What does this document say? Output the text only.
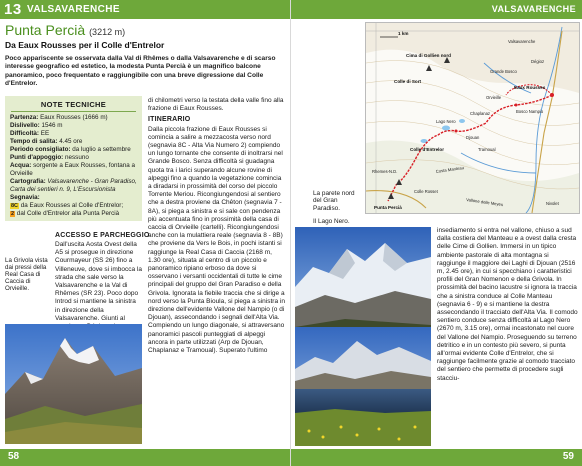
13 VALSAVARENCHE
Punta Percià (3212 m)
Da Eaux Rousses per il Colle d'Entrelor
Poco appariscente se osservata dalla Val di Rhêmes o dalla Valsavarenche e di scarso interesse geografico ed estetico, la modesta Punta Percià è un magnifico balcone panoramico, poco frequentato e raggiungibile con una breve digressione dal Colle d'Entrelor.
NOTE TECNICHE
Partenza: Eaux Rousses (1666 m)
Dislivello: 1546 m
Difficoltà: EE
Tempo di salita: 4.45 ore
Periodo consigliato: da luglio a settembre
Punti d'appoggio: nessuno
Acqua: sorgente a Eaux Rousses, fontana a Orvieille
Cartografia: Valsavarenche - Gran Paradiso, Carta dei sentieri n. 9, L'Escursionista
Segnavia:
8C da Eaux Rousses al Colle d'Entrelor;
2 dal Colle d'Entrelor alla Punta Percià
di chilometri verso la testata della valle fino alla frazione di Eaux Rousses.
ITINERARIO
Dalla piccola frazione di Eaux Rousses si comincia a salire a mezzacosta verso nord (segnavia 8C - Alta Via Numero 2) compiendo un lungo tornante che consente di inoltrarsi nel Grande Bosco. Senza difficoltà si guadagna quota tra i larici superando alcune rovine di alpeggi fino a quando la vegetazione comincia a diradarsi in prossimità del corso del piccolo Torrente Meriou. Ricongiungendosi al sentiero che a destra proviene da Chêton (segnavia 7 - 8A), si piega a sinistra e si sale con pendenza più accentuata fino in prossimità della casa di caccia di Orvieille (cartelli). Ricongiungendosi anche con la mulattiera reale (segnavia 8 - 8B) che proviene da Vers le Bois, in pochi istanti si raggiunge la Real Casa di Caccia (2168 m, 1.30 ore), situata al centro di un piccolo e panoramico ripiano erboso da dove si osservano i versanti occidentali di tutte le cime principali del gruppo del Gran Paradiso e della Grivola. Ignorata la fiebile traccia che si dirige a nord verso la Punta Bioula, si piega a sinistra in direzione dell'evidente Vallone del Nampio (o di Djouan), assecondando i segnali dell'Alta Via. Compiendo un lungo diagonale, si attraversano panoramici pascoli punteggiati di alpeggi ancora in parte utilizzati (Arp de Djouan, Chaplanaz e Tramoual). Superato l'ultimo
ACCESSO E PARCHEGGIO
Dall'uscita Aosta Ovest della A5 si prosegue in direzione Courmayeur (SS 26) fino a Villeneuve, dove si imbocca la strada che sale verso la Valsavarenche e la Val di Rhêmes (SR 23). Poco dopo Introd si mantiene la sinistra in direzione della Valsavarenche. Giunti al
La Grivola vista dai pressi della Real Casa di Caccia di Orvieille.
58
VALSAVARENCHE
1 km
Valsavarenche
Dégioz
Eaux Rousses
Bosco Nampio
Grande Bosco
Orvieille
Chaplanaz
Djouan
Tramoual
Lago Nero
Colle d'Entrelor
Punta Percià
Colle di Sort
Cima di Gollien nord
Rhemes-N.D.	Costa Manteau
Vallone delle Meyes	Nivolet
Colle Rosset
La parete nord del Gran Paradiso.
Il Lago Nero.
insediamento si entra nel vallone, chiuso a sud dalla costiera del Manteau e a ovest dalla cresta delle Cime di Gollien. Immersi in un tipico ambiente pastorale di alta montagna si raggiunge il maggiore dei Laghi di Djouan (2516 m, 2.45 ore), in cui si specchiano i caratteristici profili del Gran Nomenon e della Grivola. In prossimità del bacino lacustre si ignora la traccia che a sinistra conduce al Colle Manteau (segnavia 6 - 9) e si mantiene la destra assecondando il tracciato dell'Alta Via. Il comodo sentiero conduce senza difficoltà al Lago Nero (2670 m, 3.15 ore), ormai incastonato nel cuore del Vallone del Nampio. Proseguendo su terreno detritico e in un contesto più severo, si punta all'ormai evidente Colle d'Entrelor, che si raggiunge facilmente grazie al comodo tracciato del sentiero che permette di procedere sugli stacciu-
59
